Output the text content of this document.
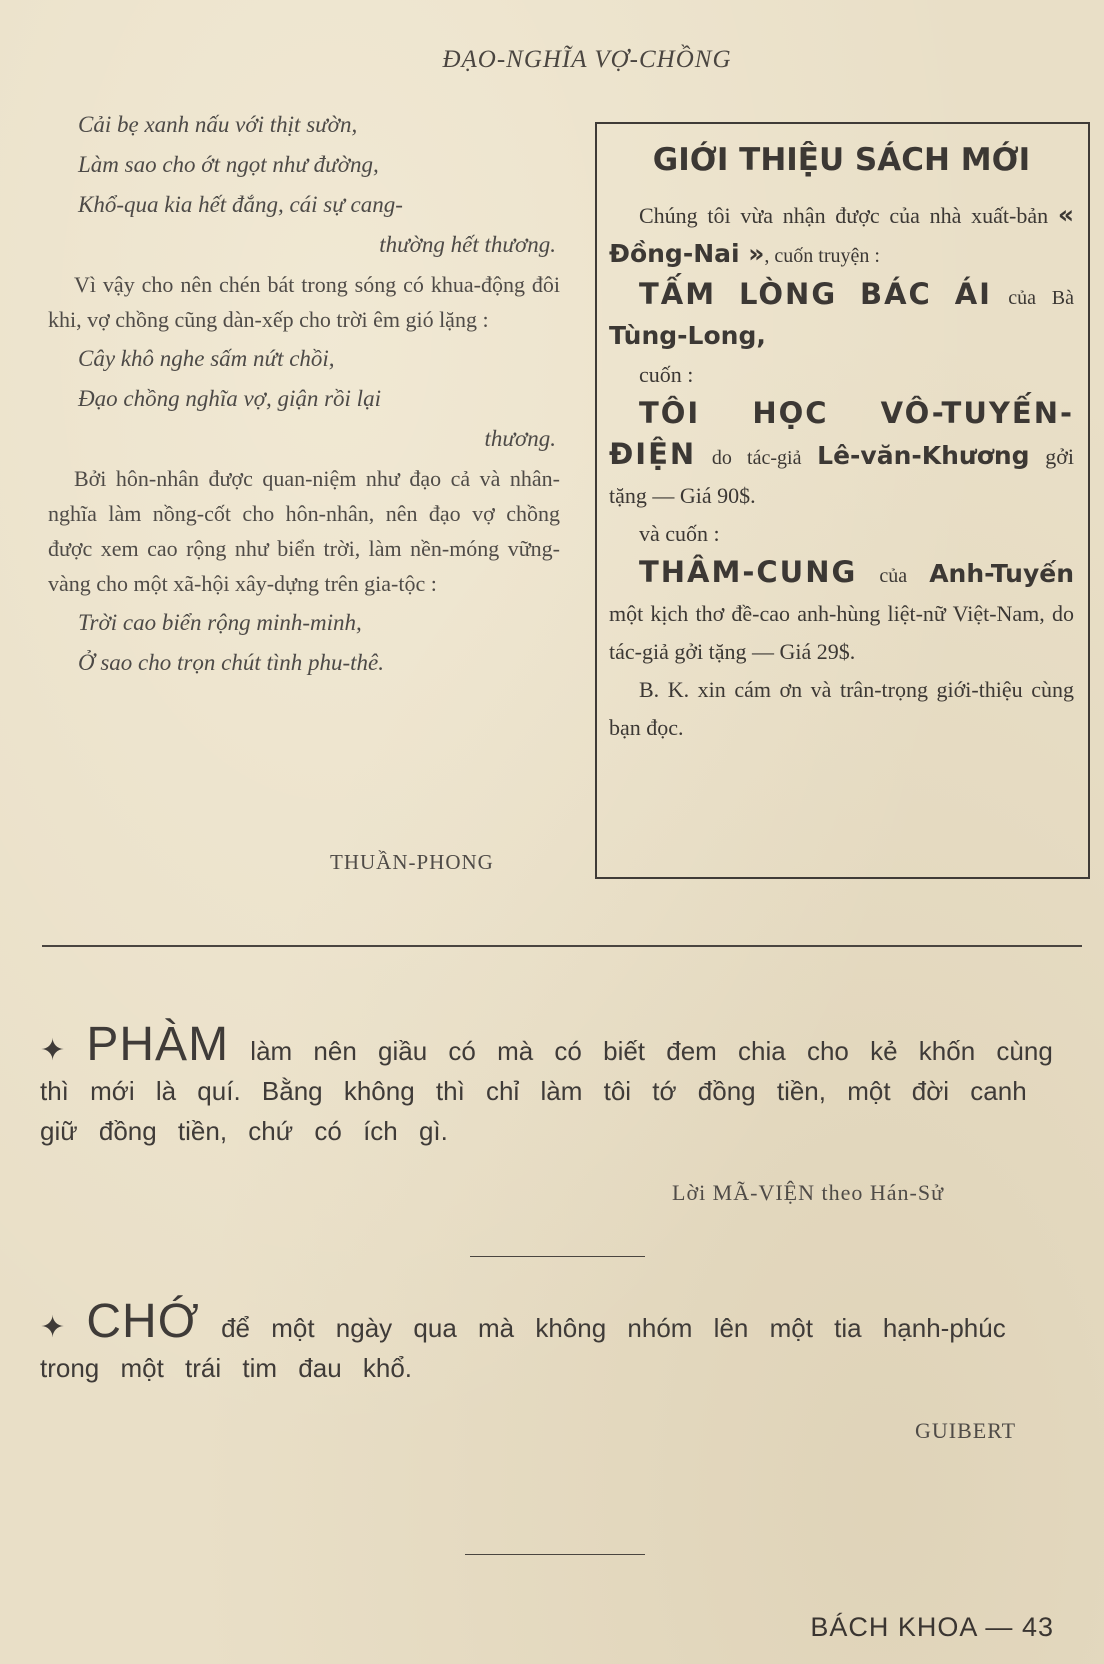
ĐẠO-NGHĨA VỢ-CHỒNG
Cải bẹ xanh nấu với thịt sườn,
Làm sao cho ớt ngọt như đường,
Khổ-qua kia hết đắng, cái sự cang-
thường hết thương.

Vì vậy cho nên chén bát trong sóng có khua-động đôi khi, vợ chồng cũng dàn-xếp cho trời êm gió lặng :

Cây khô nghe sấm nứt chồi,
Đạo chồng nghĩa vợ, giận rồi lại
thương.

Bởi hôn-nhân được quan-niệm như đạo cả và nhân-nghĩa làm nồng-cốt cho hôn-nhân, nên đạo vợ chồng được xem cao rộng như biển trời, làm nền-móng vững-vàng cho một xã-hội xây-dựng trên gia-tộc :

Trời cao biển rộng minh-minh,
Ở sao cho trọn chút tình phu-thê.
THUẦN-PHONG
GIỚI THIỆU SÁCH MỚI

Chúng tôi vừa nhận được của nhà xuất-bản « Đồng-Nai », cuốn truyện :

TẤM LÒNG BÁC ÁI của Bà Tùng-Long,

cuốn :

TÔI HỌC VÔ-TUYẾN-ĐIỆN do tác-giả Lê-văn-Khương gởi tặng — Giá 90$.

và cuốn :

THÂM-CUNG của Anh-Tuyến một kịch thơ đề-cao anh-hùng liệt-nữ Việt-Nam, do tác-giả gởi tặng — Giá 29$.

B. K. xin cám ơn và trân-trọng giới-thiệu cùng bạn đọc.

✦ PHÀM làm nên giầu có mà có biết đem chia cho kẻ khốn cùng thì mới là quí. Bằng không thì chỉ làm tôi tớ đồng tiền, một đời canh giữ đồng tiền, chứ có ích gì.
Lời MÃ-VIỆN theo Hán-Sử
✦ CHỚ để một ngày qua mà không nhóm lên một tia hạnh-phúc trong một trái tim đau khổ.
GUIBERT
BÁCH KHOA — 43
